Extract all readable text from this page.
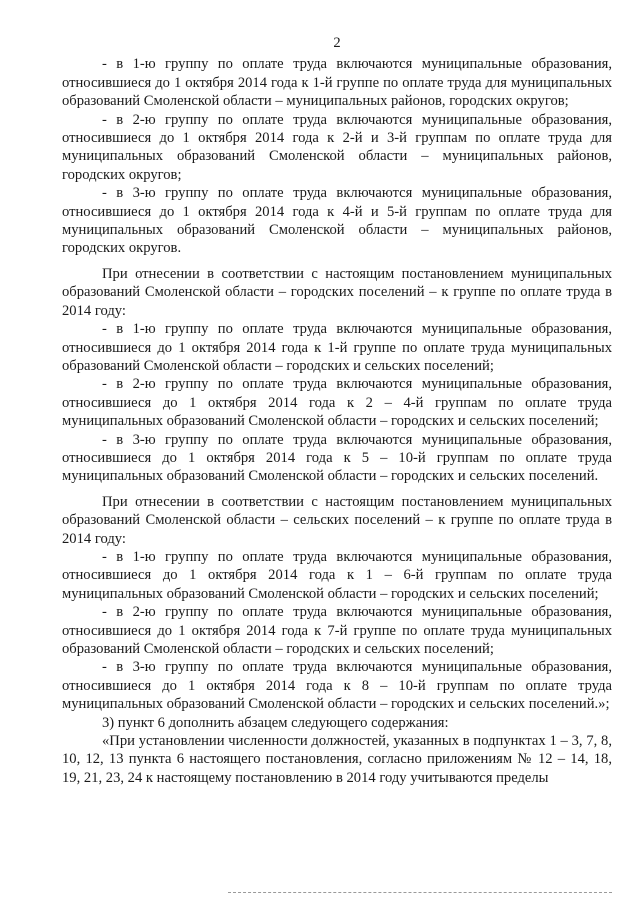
2

- в 1-ю группу по оплате труда включаются муниципальные образования, относившиеся до 1 октября 2014 года к 1-й группе по оплате труда для муниципальных образований Смоленской области – муниципальных районов, городских округов;

- в 2-ю группу по оплате труда включаются муниципальные образования, относившиеся до 1 октября 2014 года к 2-й и 3-й группам по оплате труда для муниципальных образований Смоленской области – муниципальных районов, городских округов;

- в 3-ю группу по оплате труда включаются муниципальные образования, относившиеся до 1 октября 2014 года к 4-й и 5-й группам по оплате труда для муниципальных образований Смоленской области – муниципальных районов, городских округов.

При отнесении в соответствии с настоящим постановлением муниципальных образований Смоленской области – городских поселений – к группе по оплате труда в 2014 году:

- в 1-ю группу по оплате труда включаются муниципальные образования, относившиеся до 1 октября 2014 года к 1-й группе по оплате труда муниципальных образований Смоленской области – городских и сельских поселений;

- в 2-ю группу по оплате труда включаются муниципальные образования, относившиеся до 1 октября 2014 года к 2 – 4-й группам по оплате труда муниципальных образований Смоленской области – городских и сельских поселений;

- в 3-ю группу по оплате труда включаются муниципальные образования, относившиеся до 1 октября 2014 года к 5 – 10-й группам по оплате труда муниципальных образований Смоленской области – городских и сельских поселений.

При отнесении в соответствии с настоящим постановлением муниципальных образований Смоленской области – сельских поселений – к группе по оплате труда в 2014 году:

- в 1-ю группу по оплате труда включаются муниципальные образования, относившиеся до 1 октября 2014 года к 1 – 6-й группам по оплате труда муниципальных образований Смоленской области – городских и сельских поселений;

- в 2-ю группу по оплате труда включаются муниципальные образования, относившиеся до 1 октября 2014 года к 7-й группе по оплате труда муниципальных образований Смоленской области – городских и сельских поселений;

- в 3-ю группу по оплате труда включаются муниципальные образования, относившиеся до 1 октября 2014 года к 8 – 10-й группам по оплате труда муниципальных образований Смоленской области – городских и сельских поселений.»;

3) пункт 6 дополнить абзацем следующего содержания:

«При установлении численности должностей, указанных в подпунктах 1 – 3, 7, 8, 10, 12, 13 пункта 6 настоящего постановления, согласно приложениям № 12 – 14, 18, 19, 21, 23, 24 к настоящему постановлению в 2014 году учитываются пределы
